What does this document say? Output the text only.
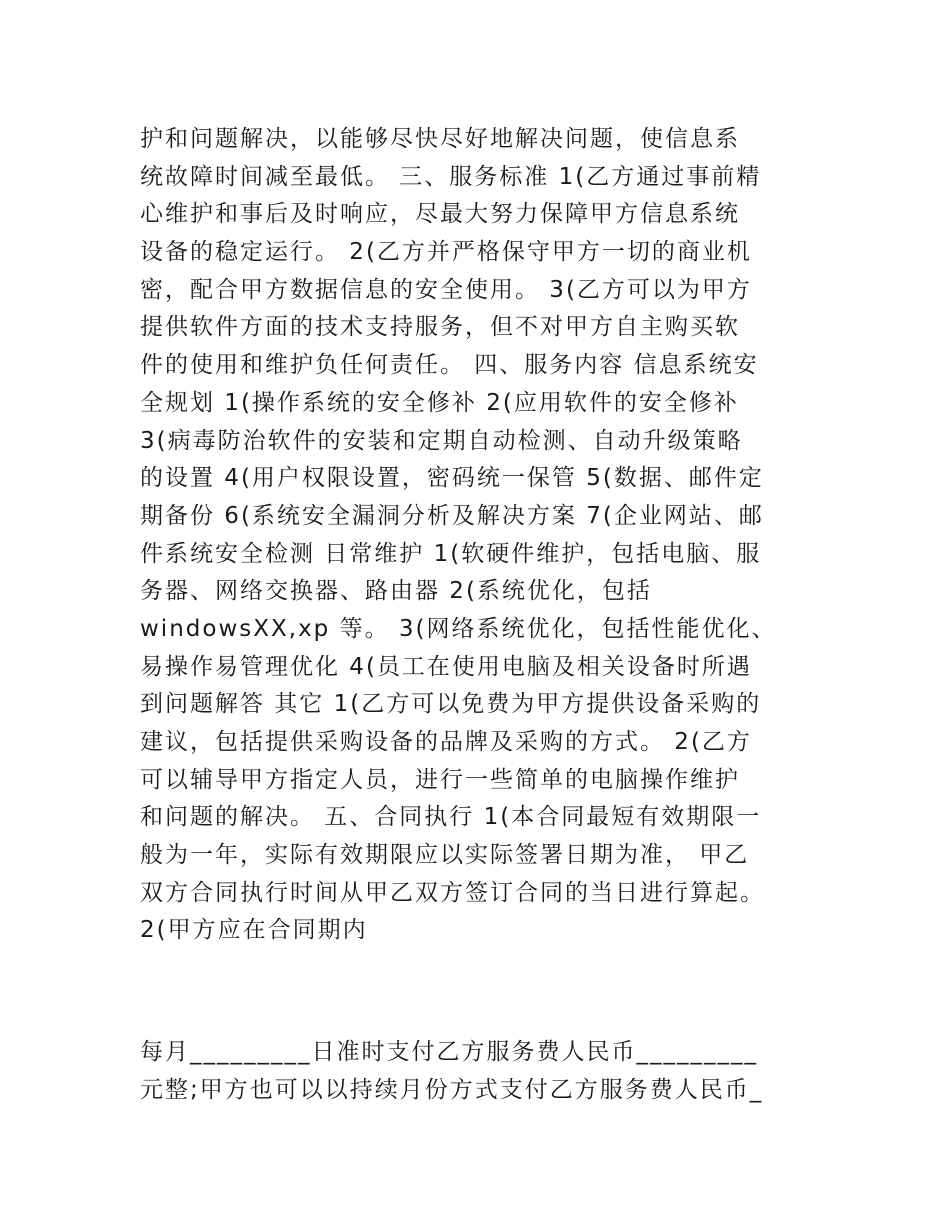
护和问题解决，以能够尽快尽好地解决问题，使信息系
统故障时间减至最低。 三、服务标准 1(乙方通过事前精
心维护和事后及时响应，尽最大努力保障甲方信息系统
设备的稳定运行。 2(乙方并严格保守甲方一切的商业机
密，配合甲方数据信息的安全使用。 3(乙方可以为甲方
提供软件方面的技术支持服务，但不对甲方自主购买软
件的使用和维护负任何责任。 四、服务内容 信息系统安
全规划 1(操作系统的安全修补 2(应用软件的安全修补
3(病毒防治软件的安装和定期自动检测、自动升级策略
的设置 4(用户权限设置，密码统一保管 5(数据、邮件定
期备份 6(系统安全漏洞分析及解决方案 7(企业网站、邮
件系统安全检测 日常维护 1(软硬件维护，包括电脑、服
务器、网络交换器、路由器 2(系统优化，包括
windowsXX,xp 等。 3(网络系统优化，包括性能优化、
易操作易管理优化 4(员工在使用电脑及相关设备时所遇
到问题解答 其它 1(乙方可以免费为甲方提供设备采购的
建议，包括提供采购设备的品牌及采购的方式。 2(乙方
可以辅导甲方指定人员，进行一些简单的电脑操作维护
和问题的解决。 五、合同执行 1(本合同最短有效期限一
般为一年，实际有效期限应以实际签署日期为准， 甲乙
双方合同执行时间从甲乙双方签订合同的当日进行算起。
2(甲方应在合同期内
每月_________日准时支付乙方服务费人民币_________
元整;甲方也可以以持续月份方式支付乙方服务费人民币_
